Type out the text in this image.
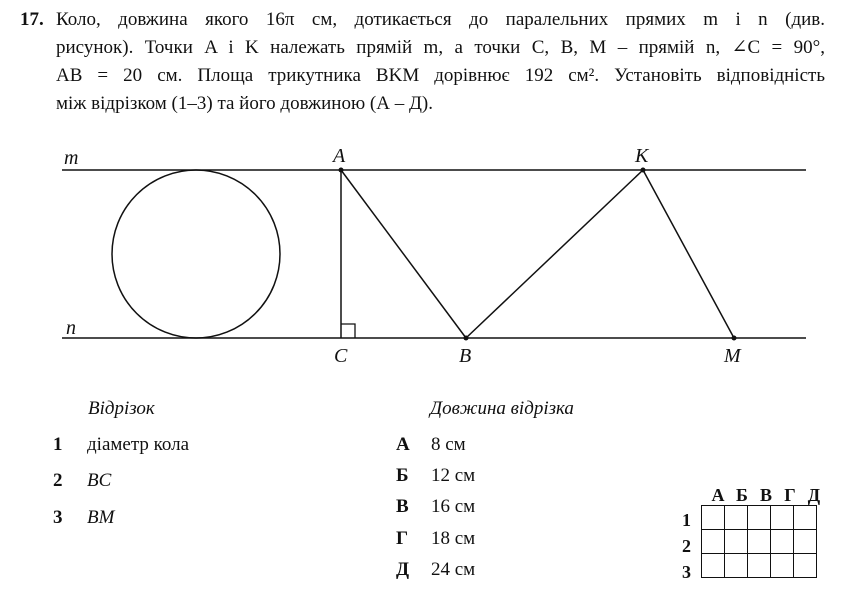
17. Коло, довжина якого 16π см, дотикається до паралельних прямих m і n (див.
рисунок). Точки A і K належать прямій m, а точки C, B, M – прямій n, ∠C = 90°,
AB = 20 см. Площа трикутника BKM дорівнює 192 см². Установіть відповідність
між відрізком (1–3) та його довжиною (А – Д).
m
n
A	K
C	B	M
Відрізок
1 діаметр кола
2 BC
3 BM
Довжина відрізка
А 8 см
Б 12 см
В 16 см
Г 18 см
Д 24 см
А Б В Г Д
1
2
3
